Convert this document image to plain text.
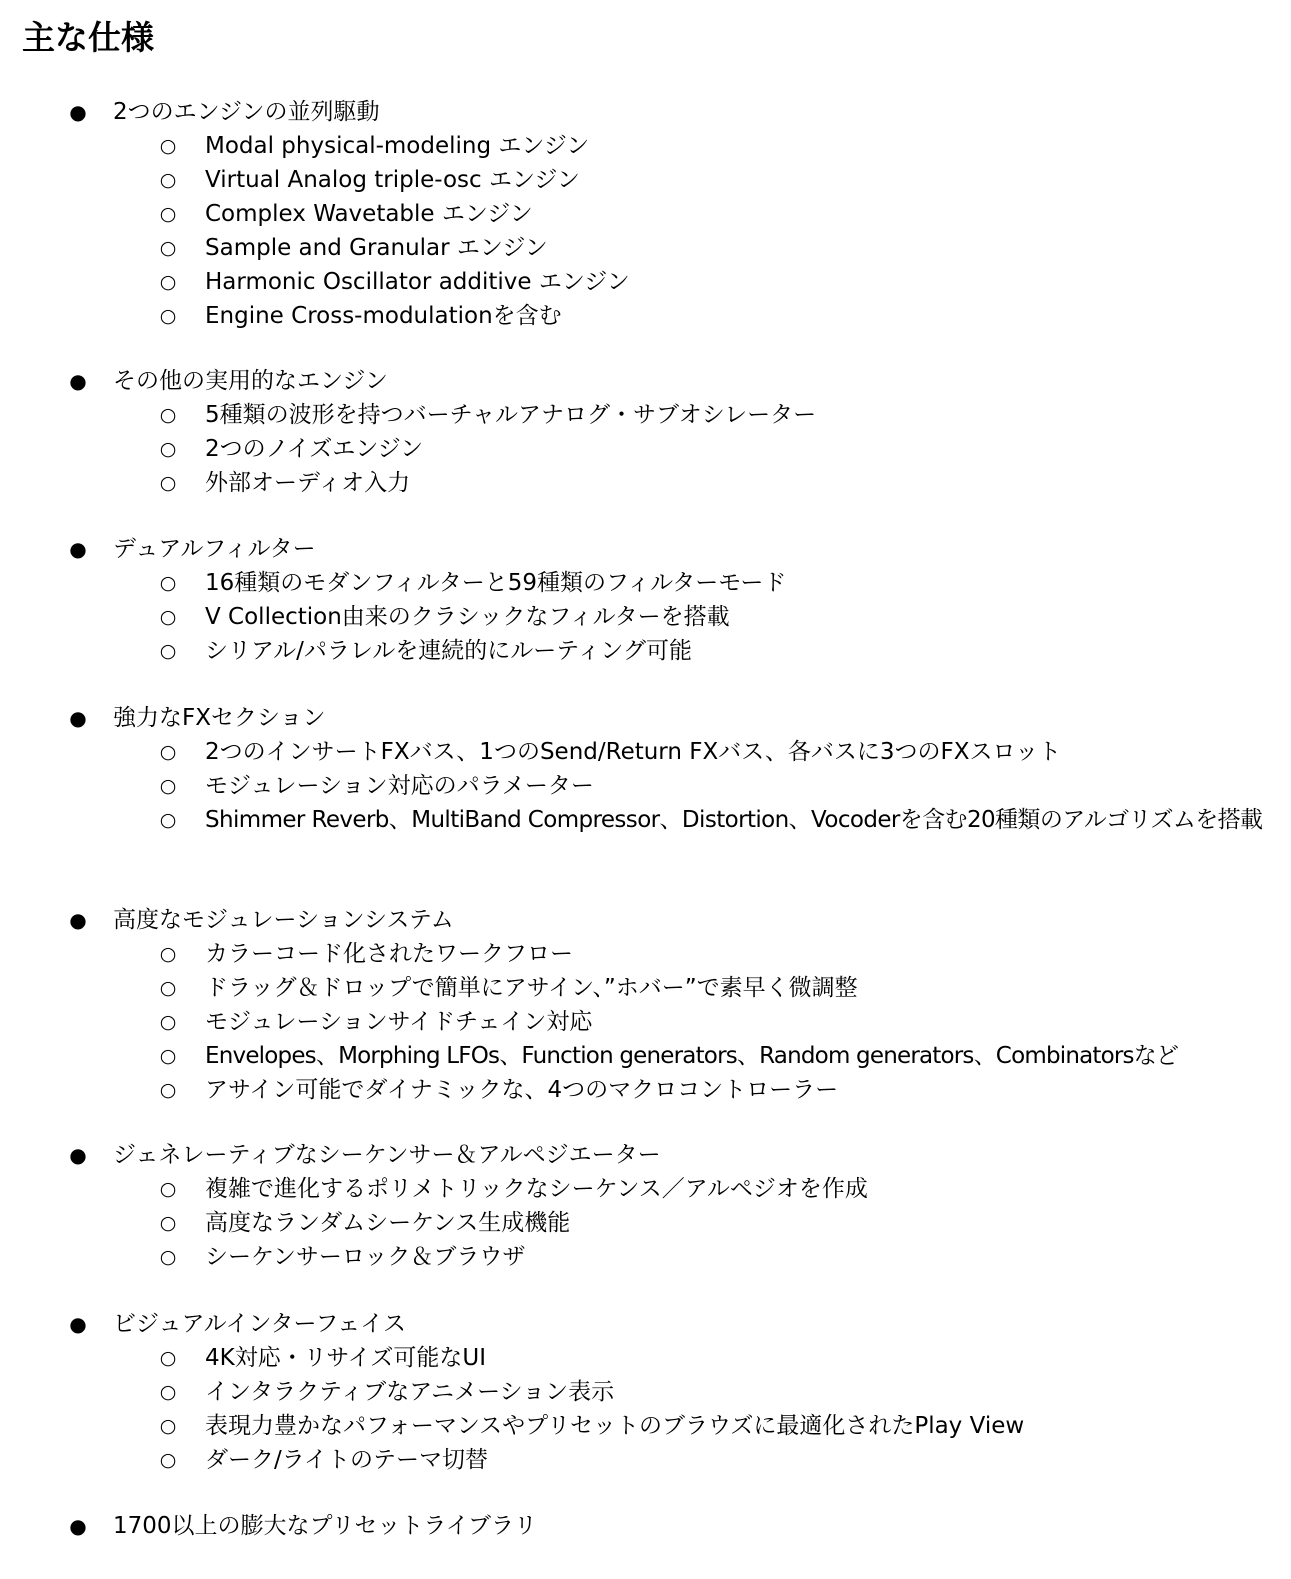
主な仕様
● 2つのエンジンの並列駆動
○ Modal physical-modeling エンジン
○ Virtual Analog triple-osc エンジン
○ Complex Wavetable エンジン
○ Sample and Granular エンジン
○ Harmonic Oscillator additive エンジン
○ Engine Cross-modulationを含む
● その他の実用的なエンジン
○ 5種類の波形を持つバーチャルアナログ・サブオシレーター
○ 2つのノイズエンジン
○ 外部オーディオ入力
● デュアルフィルター
○ 16種類のモダンフィルターと59種類のフィルターモード
○ V Collection由来のクラシックなフィルターを搭載
○ シリアル/パラレルを連続的にルーティング可能
● 強力なFXセクション
○ 2つのインサートFXバス、1つのSend/Return FXバス、各バスに3つのFXスロット
○ モジュレーション対応のパラメーター
○ Shimmer Reverb、MultiBand Compressor、Distortion、Vocoderを含む20種類のアルゴリズムを搭載
● 高度なモジュレーションシステム
○ カラーコード化されたワークフロー
○ ドラッグ＆ドロップで簡単にアサイン、”ホバー”で素早く微調整
○ モジュレーションサイドチェイン対応
○ Envelopes、Morphing LFOs、Function generators、Random generators、Combinatorsなど
○ アサイン可能でダイナミックな、4つのマクロコントローラー
● ジェネレーティブなシーケンサー＆アルペジエーター
○ 複雑で進化するポリメトリックなシーケンス／アルペジオを作成
○ 高度なランダムシーケンス生成機能
○ シーケンサーロック＆ブラウザ
● ビジュアルインターフェイス
○ 4K対応・リサイズ可能なUI
○ インタラクティブなアニメーション表示
○ 表現力豊かなパフォーマンスやプリセットのブラウズに最適化されたPlay View
○ ダーク/ライトのテーマ切替
● 1700以上の膨大なプリセットライブラリ
